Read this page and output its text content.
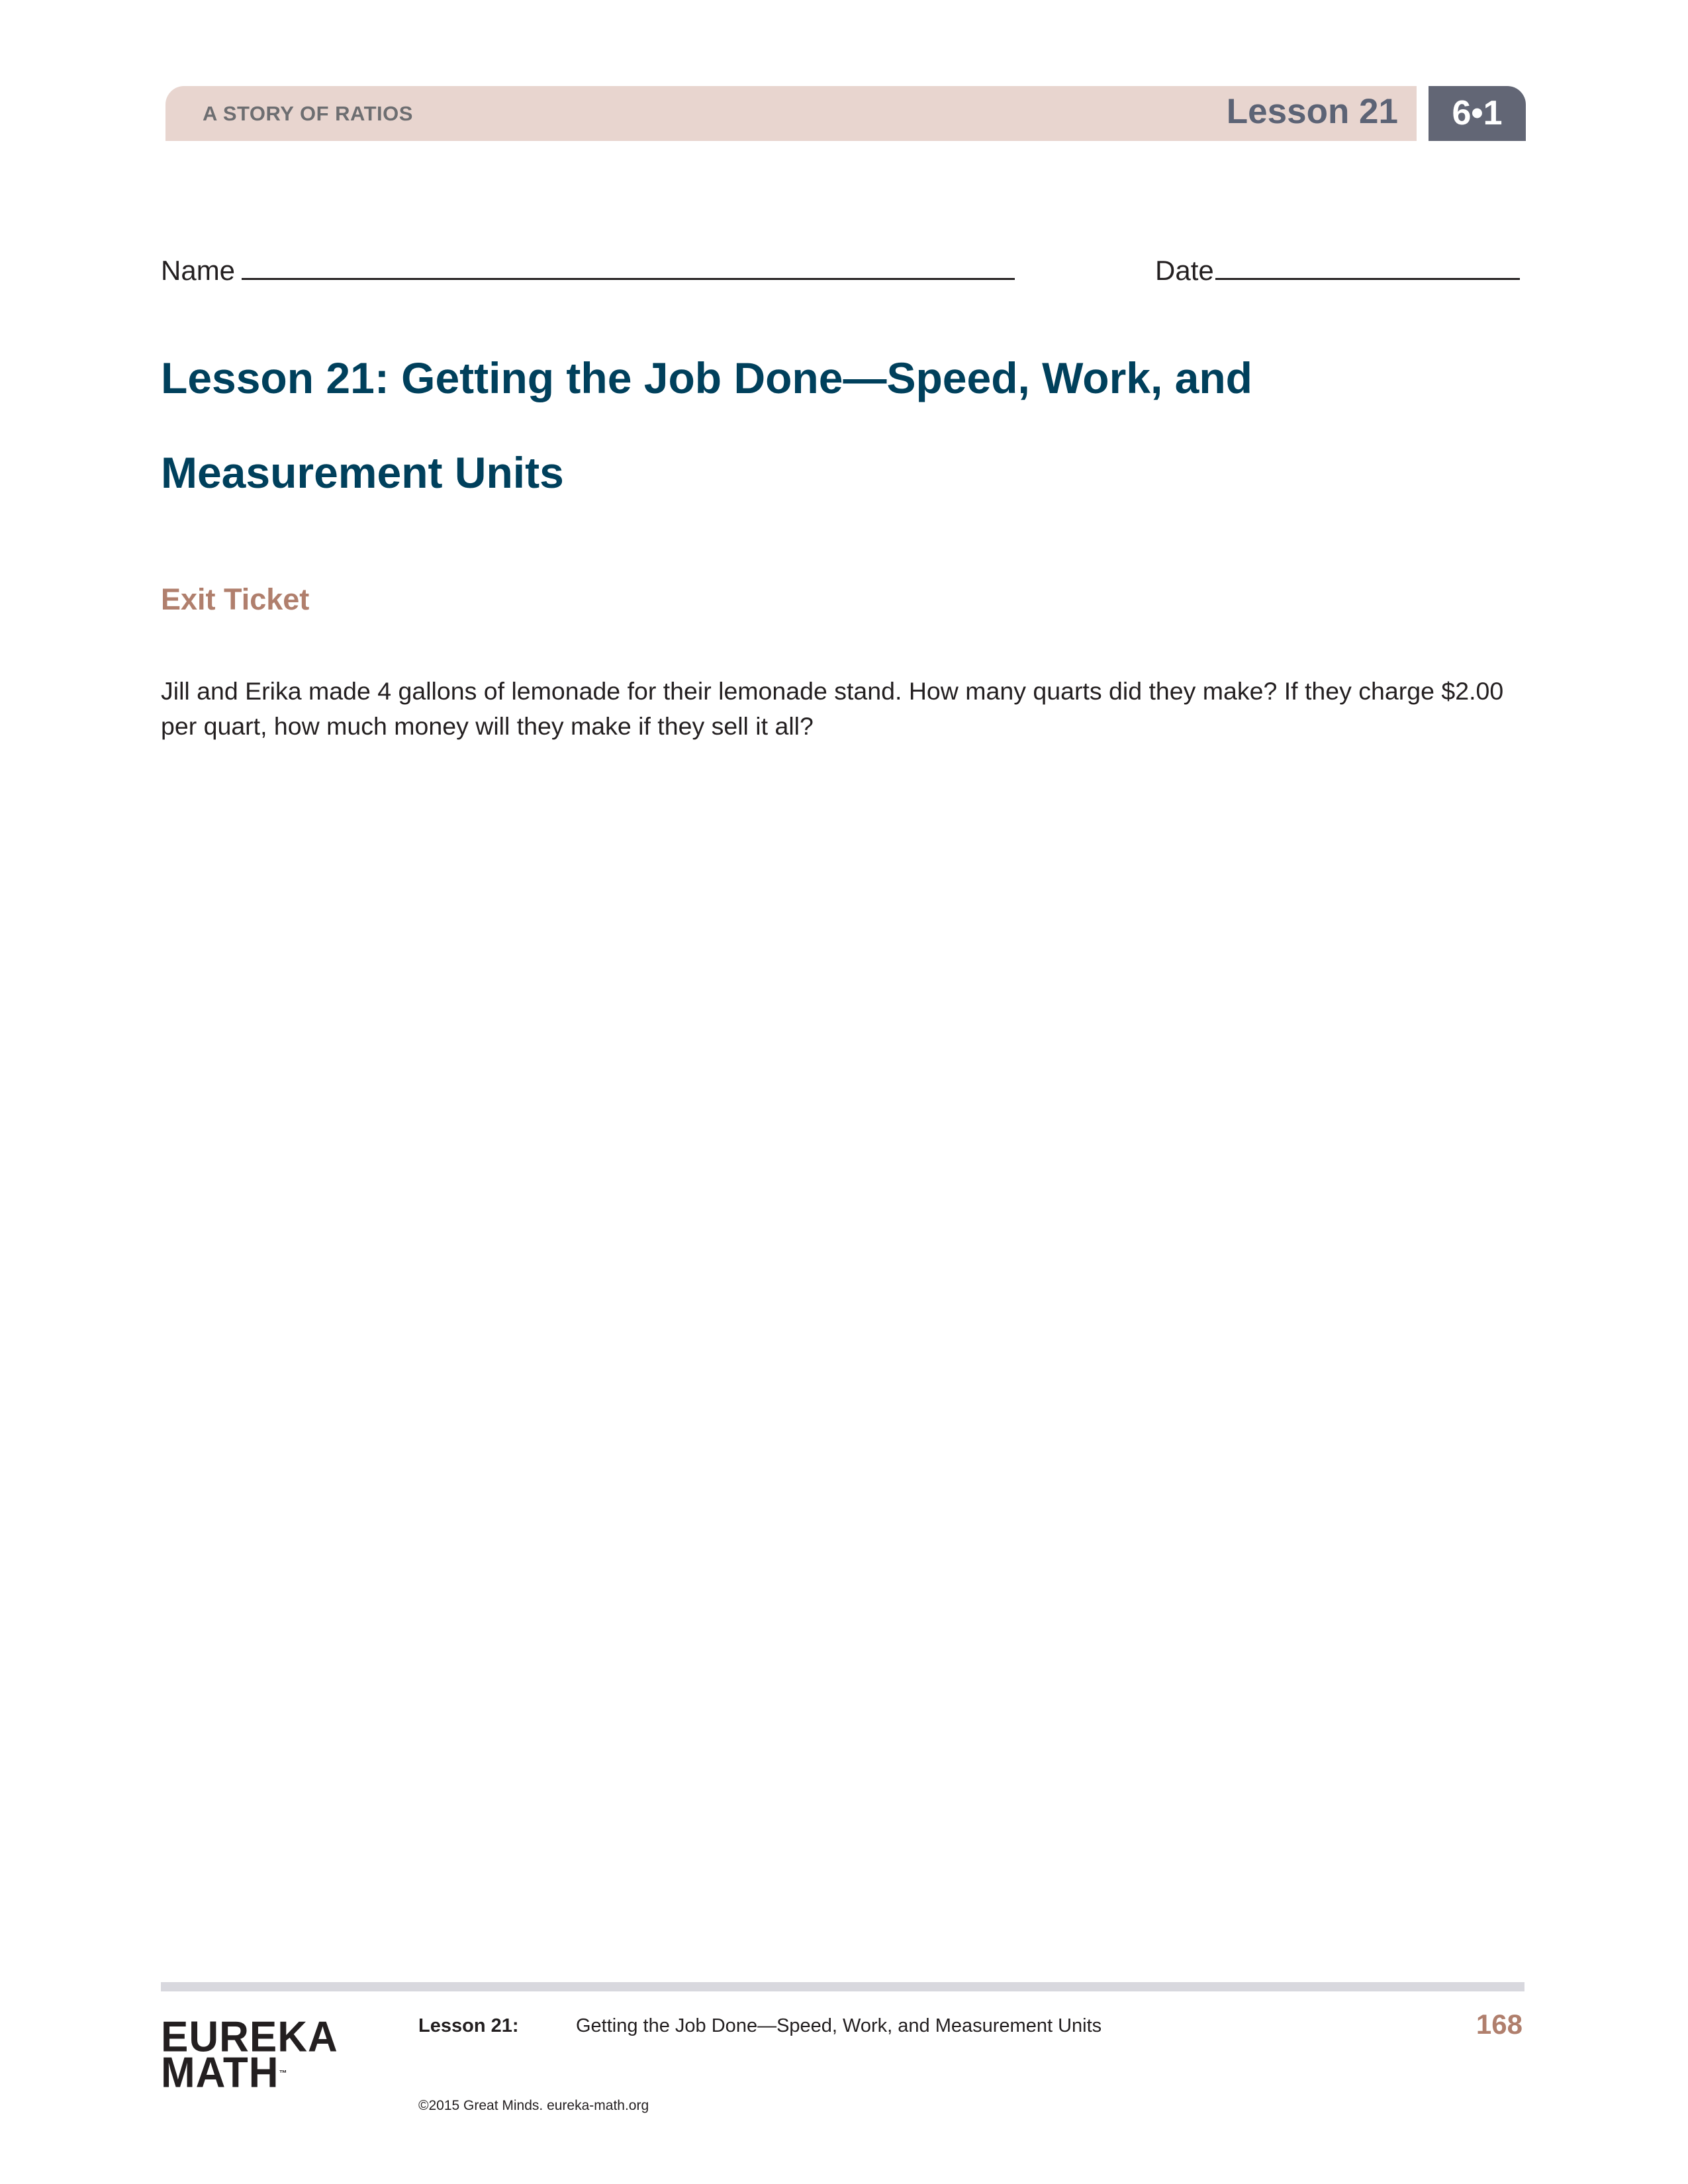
A STORY OF RATIOS	Lesson 21	6•1
Name	Date
Lesson 21: Getting the Job Done—Speed, Work, and Measurement Units
Exit Ticket

Jill and Erika made 4 gallons of lemonade for their lemonade stand. How many quarts did they make? If they charge $2.00 per quart, how much money will they make if they sell it all?

EUREKA
MATH™
Lesson 21:	Getting the Job Done—Speed, Work, and Measurement Units	168
©2015 Great Minds. eureka-math.org
